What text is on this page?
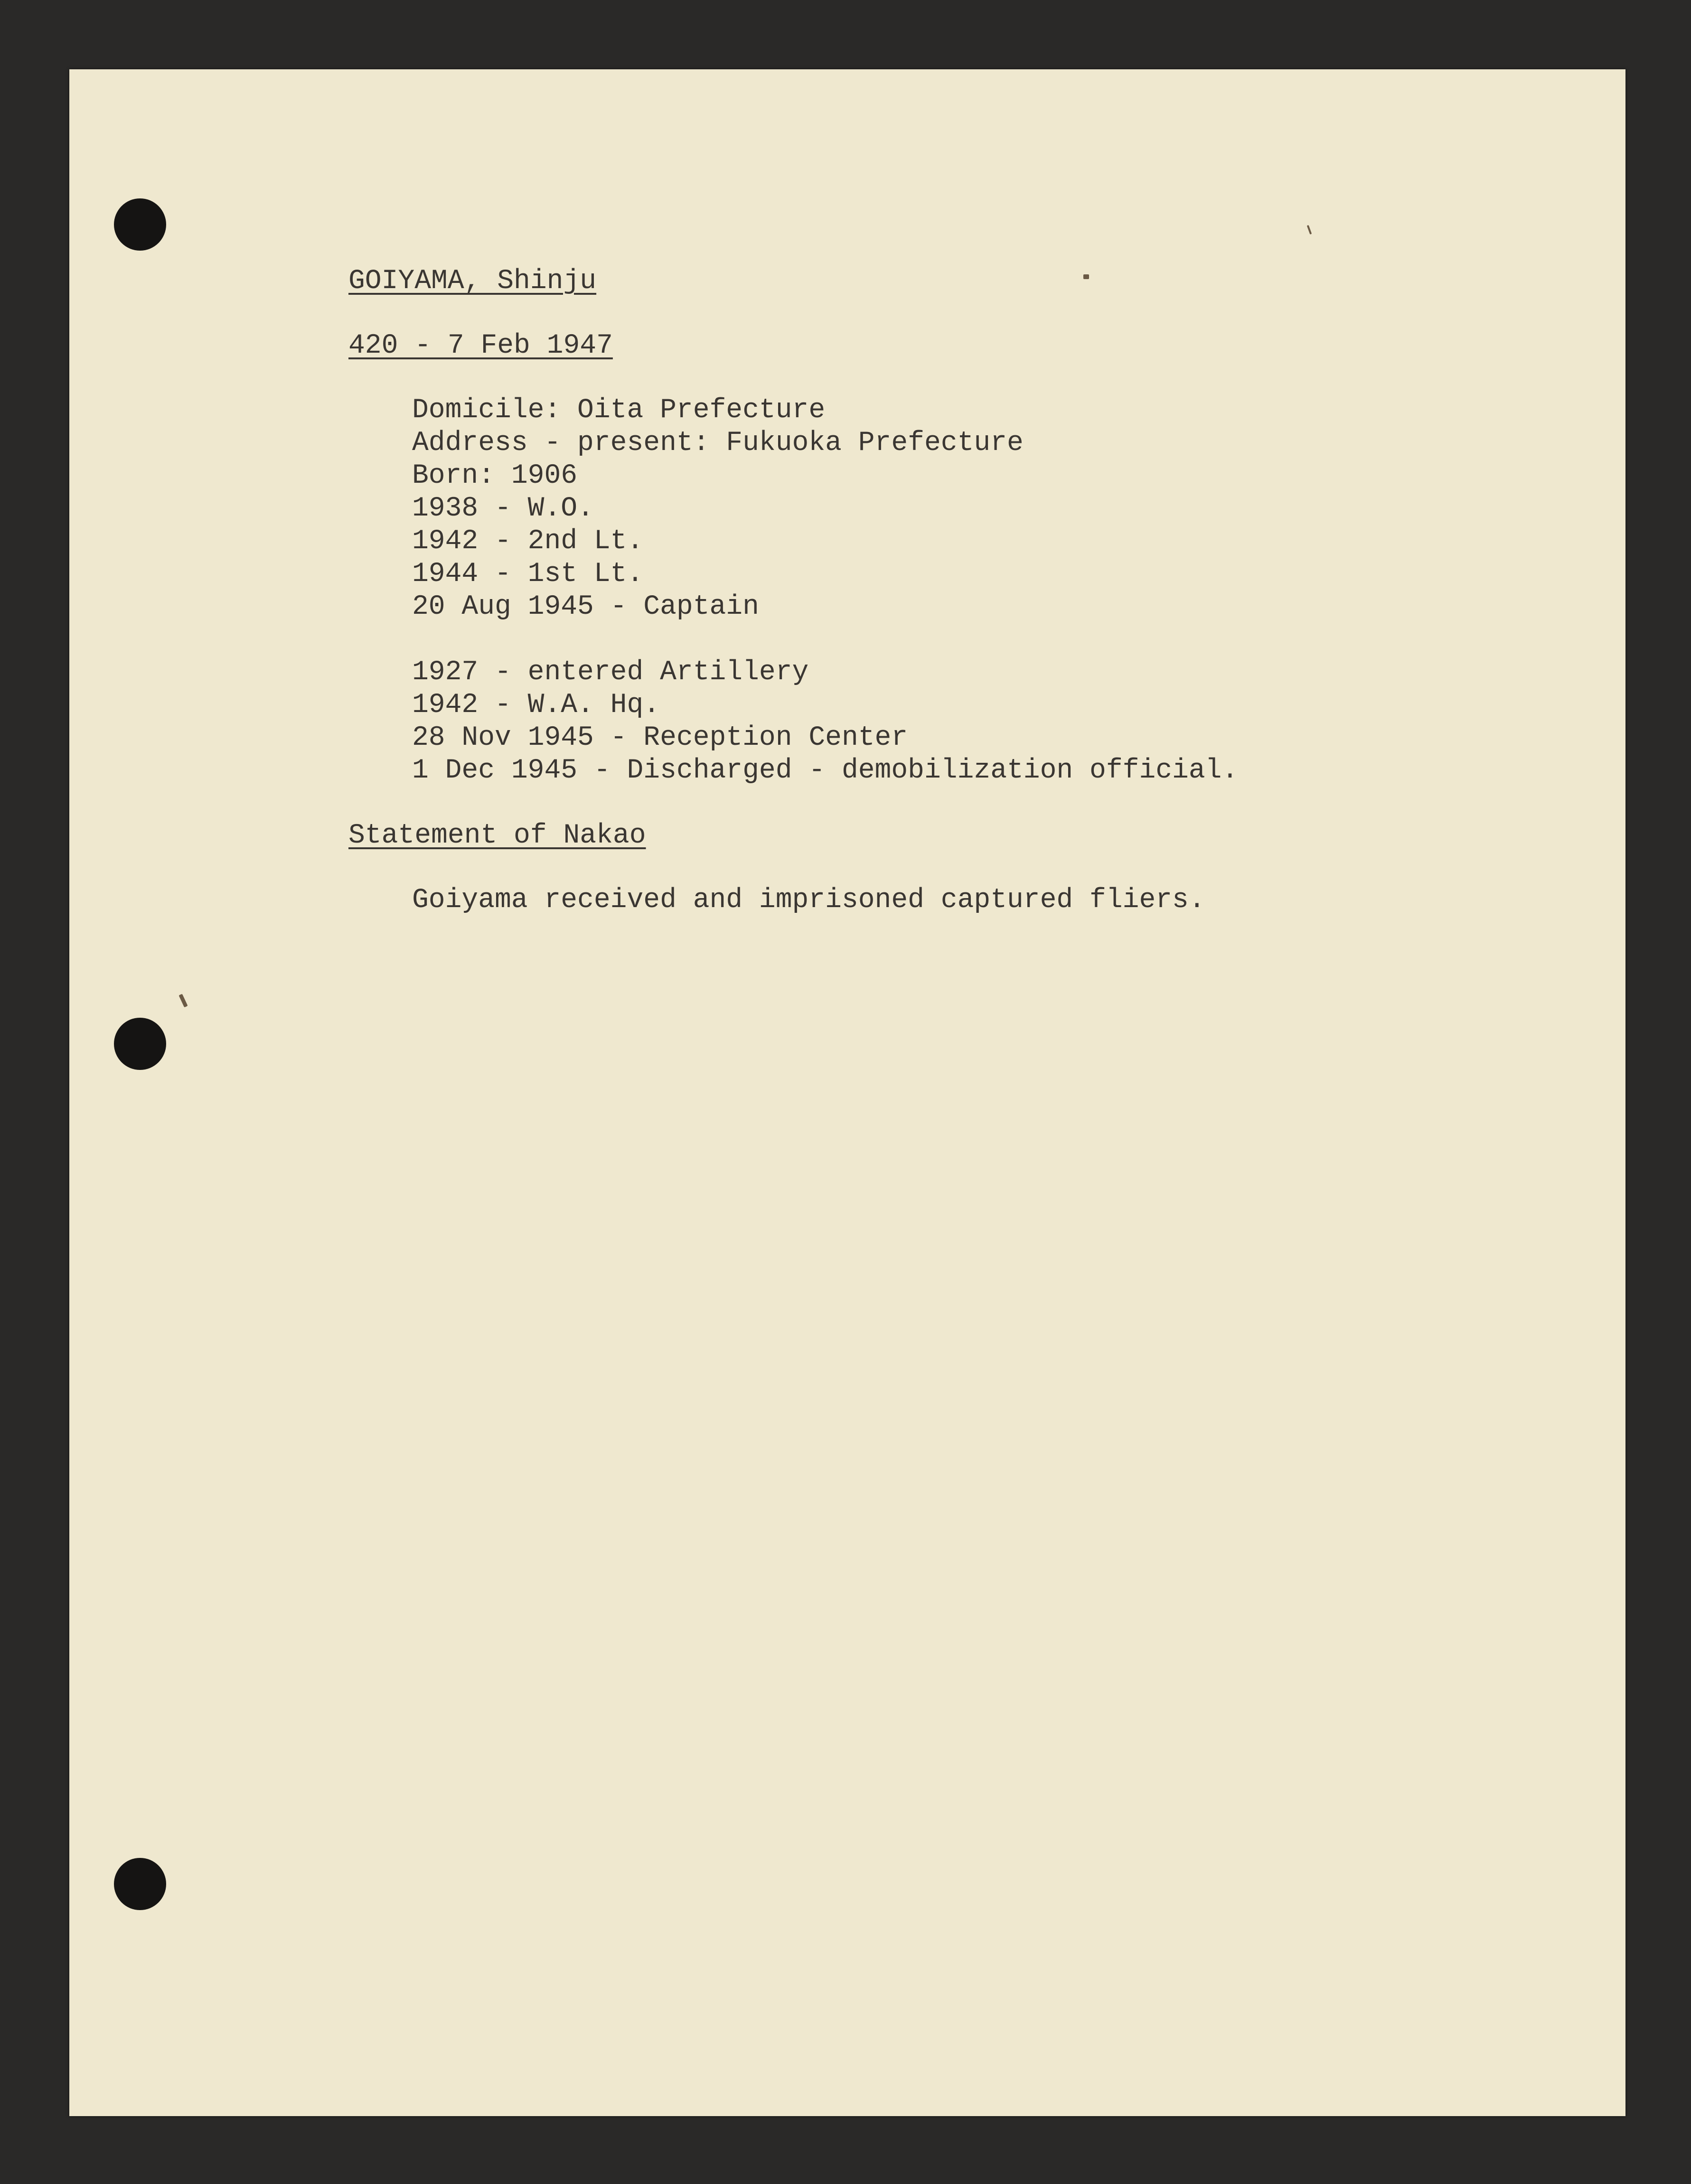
GOIYAMA, Shinju
420 - 7 Feb 1947
Domicile: Oita Prefecture
Address - present: Fukuoka Prefecture
Born: 1906
1938 - W.O.
1942 - 2nd Lt.
1944 - 1st Lt.
20 Aug 1945 - Captain
1927 - entered Artillery
1942 - W.A. Hq.
28 Nov 1945 - Reception Center
1 Dec 1945 - Discharged - demobilization official.
Statement of Nakao
Goiyama received and imprisoned captured fliers.
